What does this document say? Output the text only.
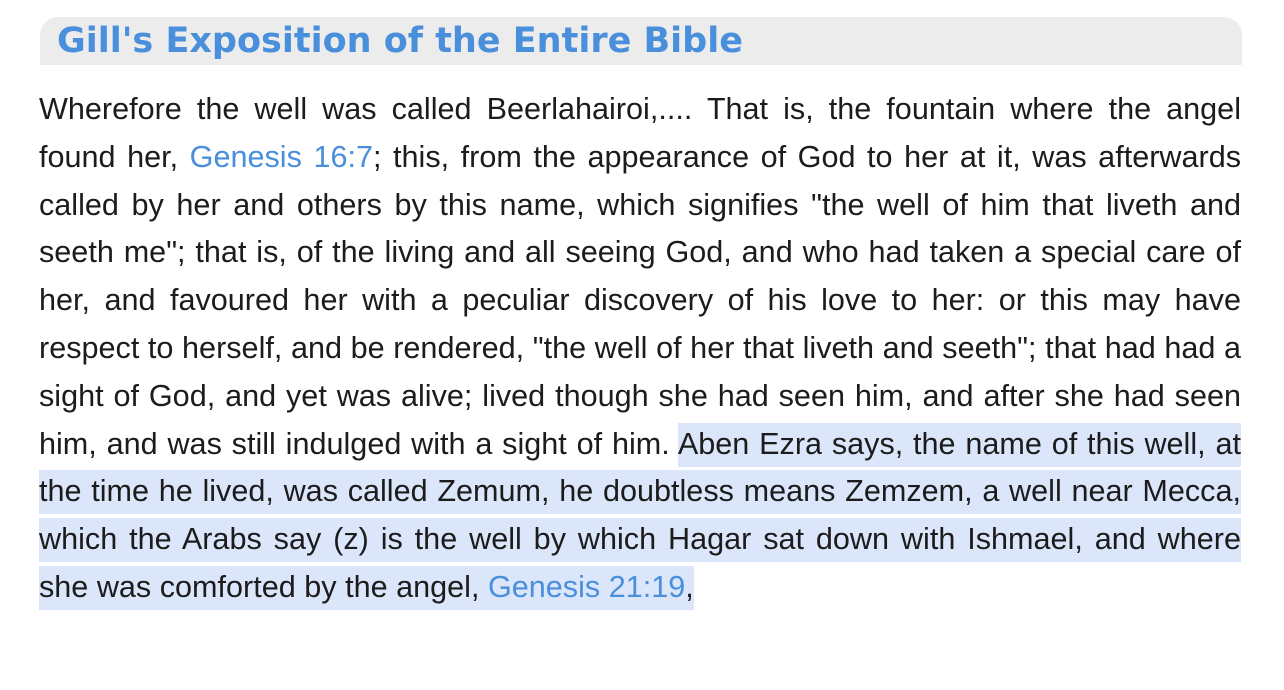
Gill's Exposition of the Entire Bible

Wherefore the well was called Beerlahairoi,.... That is, the fountain where the angel found her, Genesis 16:7; this, from the appearance of God to her at it, was afterwards called by her and others by this name, which signifies "the well of him that liveth and seeth me"; that is, of the living and all seeing God, and who had taken a special care of her, and favoured her with a peculiar discovery of his love to her: or this may have respect to herself, and be rendered, "the well of her that liveth and seeth"; that had had a sight of God, and yet was alive; lived though she had seen him, and after she had seen him, and was still indulged with a sight of him. Aben Ezra says, the name of this well, at the time he lived, was called Zemum, he doubtless means Zemzem, a well near Mecca, which the Arabs say (z) is the well by which Hagar sat down with Ishmael, and where she was comforted by the angel, Genesis 21:19,
